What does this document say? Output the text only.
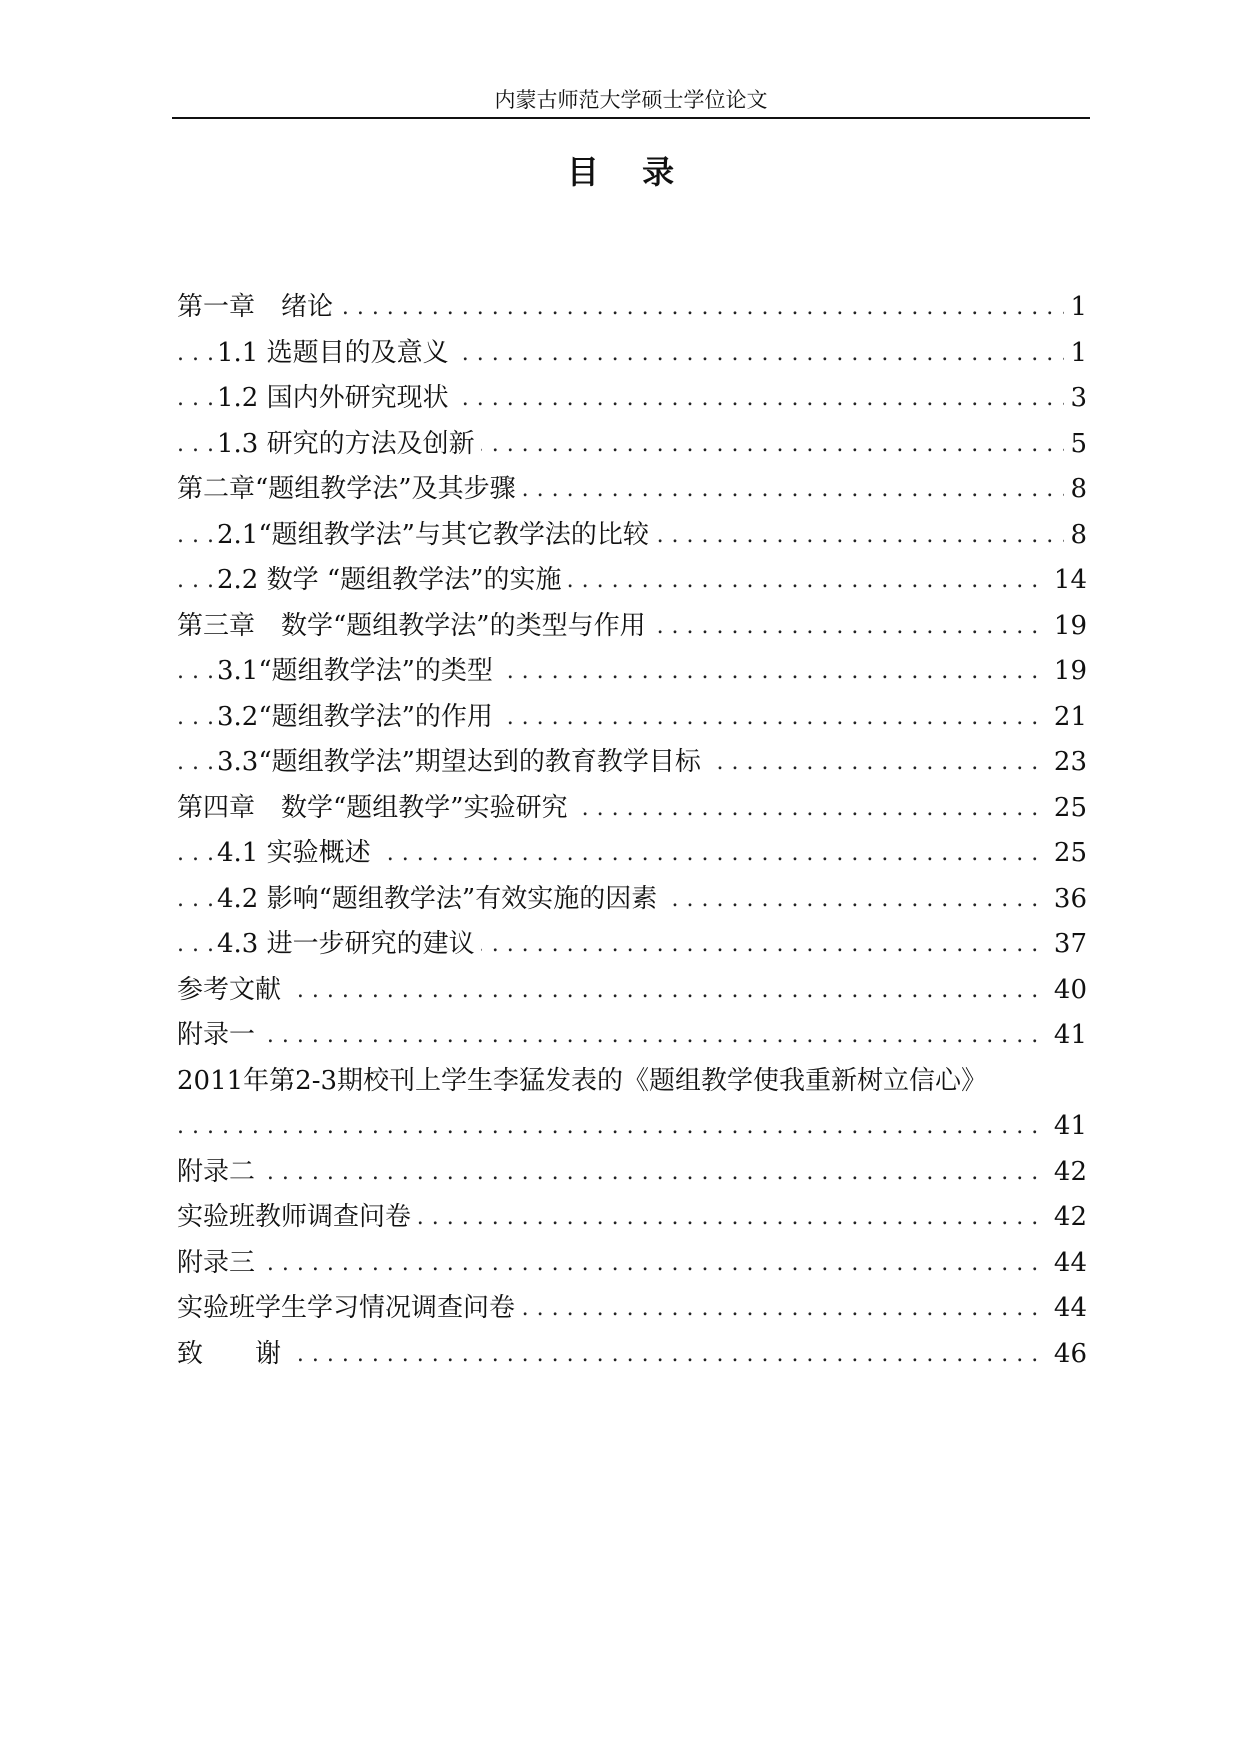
内蒙古师范大学硕士学位论文
目 录
1
第一章　绪论 . . .
1
1.1 选题目的及意义 . . .
3
1.2 国内外研究现状 . . .
5
1.3 研究的方法及创新 . . .
8
第二章“题组教学法”及其步骤 . . .
8
2.1“题组教学法”与其它教学法的比较 . . .
14
2.2 数学 “题组教学法”的实施 . . .
19
第三章　数学“题组教学法”的类型与作用 . . .
19
3.1“题组教学法”的类型 . . .
21
3.2“题组教学法”的作用 . . .
23
3.3“题组教学法”期望达到的教育教学目标 . . .
25
第四章　数学“题组教学”实验研究 . . .
25
4.1 实验概述 . . .
36
4.2 影响“题组教学法”有效实施的因素 . . .
37
4.3 进一步研究的建议 . . .
40
参考文献 . . .
41
附录一 . . .
2011年第2-3期校刊上学生李猛发表的《题组教学使我重新树立信心》
41
42
附录二 . . .
42
实验班教师调查问卷 . . .
44
附录三 . . .
44
实验班学生学习情况调查问卷 . . .
46
致　　谢 . . .
